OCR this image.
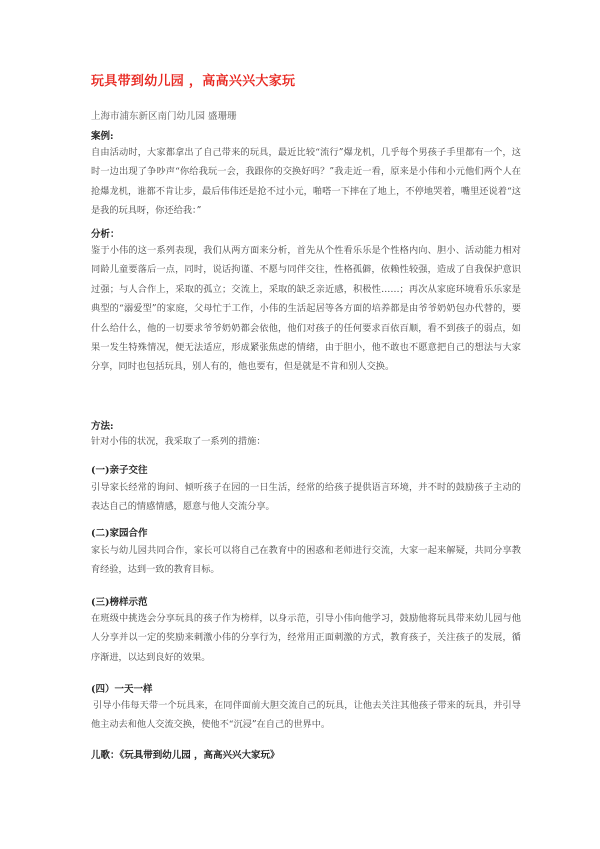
玩具带到幼儿园 ，高高兴兴大家玩
上海市浦东新区南门幼儿园 盛珊珊
案例:
自由活动时，大家都拿出了自己带来的玩具，最近比较“流行”爆龙机，几乎每个男孩子手里都有一个，这时一边出现了争吵声“你给我玩一会，我跟你的交换好吗？”我走近一看，原来是小伟和小元他们两个人在抢爆龙机，谁都不肯让步，最后伟伟还是抢不过小元，啪嗒一下摔在了地上，不停地哭着，嘴里还说着“这是我的玩具呀，你还给我：”
分析：
鉴于小伟的这一系列表现，我们从两方面来分析，首先从个性看乐乐是个性格内向、胆小、活动能力相对同龄儿童要落后一点，同时，说话拘谨、不愿与同伴交往，性格孤僻，依赖性较强，造成了自我保护意识过强；与人合作上，采取的孤立；交流上，采取的缺乏亲近感，积极性……；再次从家庭环境看乐乐家是典型的“溺爱型”的家庭，父母忙于工作，小伟的生活起居等各方面的培养都是由爷爷奶奶包办代替的，要什么给什么，他的一切要求爷爷奶奶都会依他，他们对孩子的任何要求百依百顺，看不到孩子的弱点，如果一发生特殊情况，便无法适应，形成紧张焦虑的情绪，由于胆小，他不敢也不愿意把自己的想法与大家分享，同时也包括玩具，别人有的，他也要有，但是就是不肯和别人交换。
方法:
针对小伟的状况，我采取了一系列的措施：
(一)亲子交往
引导家长经常的询问、倾听孩子在园的一日生活，经常的给孩子提供语言环境，并不时的鼓励孩子主动的表达自己的情感情感，愿意与他人交流分享。
(二)家园合作
家长与幼儿园共同合作，家长可以将自己在教育中的困惑和老师进行交流，大家一起来解疑，共同分享教育经验，达到一致的教育目标。
(三)榜样示范
在班级中挑选会分享玩具的孩子作为榜样，以身示范，引导小伟向他学习，鼓励他将玩具带来幼儿园与他人分享并以一定的奖励来刺激小伟的分享行为，经常用正面刺激的方式，教育孩子，关注孩子的发展，循序渐进，以达到良好的效果。
(四）一天一样
引导小伟每天带一个玩具来，在同伴面前大胆交流自己的玩具，让他去关注其他孩子带来的玩具，并引导他主动去和他人交流交换，使他不“沉浸”在自己的世界中。
儿歌：《玩具带到幼儿园 ，高高兴兴大家玩》
